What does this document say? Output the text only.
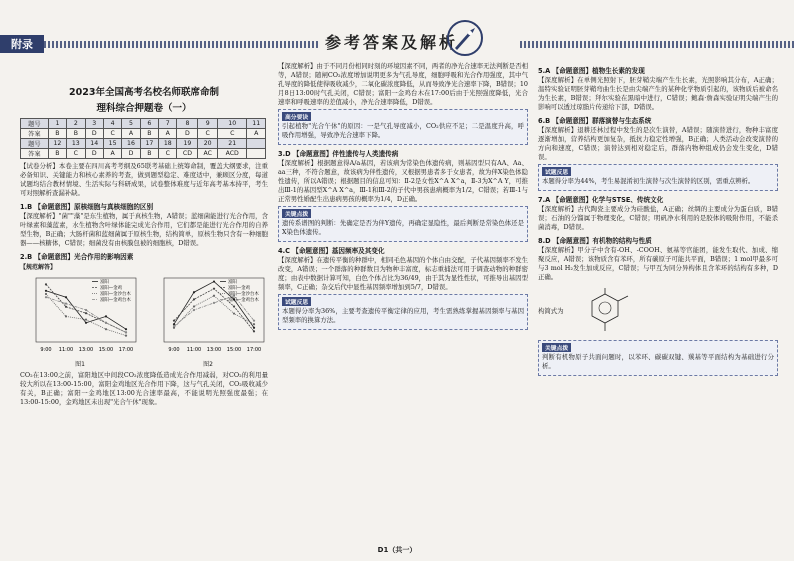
附录	参考答案及解析
2023年全国高考名校名师联席命制
理科综合押题卷（一）
题号	1	2	3	4	5	6	7	8	9	10	11
答案	B	B	D	C	A	B	A	D	C	C	A
题号	12	13	14	15	16	17	18	19	20	21	
答案	B	C	D	A	D	B	C	CD	AC	ACD	

【试卷分析】本卷主要在四川高考考纲及65联考基础上统筹命制，覆盖大纲要求，注重必备知识、关键能力和核心素养的考查，做到题型稳定、难度适中，兼顾区分度，每道试题均结合教材情境、生活实际与科研成果，试卷整体难度与近年高考基本持平，考生可对照解析查漏补缺。

1.B 【命题意图】原核细胞与真核细胞的区别

【深度解析】"菌""藻"是东生植物，属于真核生物，A错误；蓝细菌能进行光合作用，含叶绿素和藻蓝素，水生植物含叶绿体能完成光合作用，它们都是能进行光合作用的自养型生物，B正确；大肠杆菌和蓝细菌属于原核生物，结构简单，原核生物只含有一种细胞器——核糖体，C错误；细菌没有由核膜包被的细胞核，D错误。

2.B 【命题意图】光合作用的影响因素
【规范解答】
9:00 11:00 13:00 15:00 17:00
富阳
富阳—金鸡
富阳—金沙台木
富阳—金鸡台木
图1
9:00 11:00 13:00 15:00 17:00
富阳
富阳—金鸡
富阳—金沙台木
富阳—金鸡台木
图2

CO₂在13:00之前，富阳地区中间段CO₂浓度降低造成光合作用减弱，对CO₂的利用量较大所以在13:00-15:00，富阳金鸡地区光合作用下降，这与气孔关闭，CO₂吸收减少有关，B正确；富阳一金鸡地区13:00光合速率最高，不能说明光照强度最强；在13:00-15:00，金鸡地区未出现"光合午休"现象。

【深度解析】由于不同月份相同时刻的环境因素不同，两者的净光合速率无法判断是否相等，A错误；随闸CO₂浓度增加说明更多为气孔导度，细胞呼吸和光合作用强度，其中气孔导度的降低使得吸收减少，二氧化碳浓度降低，从而导致净光合速率下降，B错误；10月8日13:00时气孔关闭，C错误；富阳一金鸡台木在17:00后由于光照强度降低，光合速率和呼吸速率的差值减小，净光合速率降低，D错误。

高分要诀

引起植物"光合午休"的原因：一是气孔导度减小，CO₂供应不足；二是温度升高，呼吸作用增强，导致净光合速率下降。

3.D 【命题意图】伴性遗传与人类遗传病

【深度解析】根据题意得A/a基因，若该病为常染色体遗传病，则基因型只有AA、Aa、aa三种，不符合题意，故该病为伴性遗传，又根据男患者多于女患者，故为伴X染色体隐性遗传，所以A错误；根据题目的信息可知：Ⅱ-2是女性X^A X^a，Ⅱ-3为X^A Y，可推出Ⅲ-1的基因型X^A X^a，Ⅲ-1和Ⅲ-2的子代中男孩患病概率为1/2，C错误；若Ⅲ-1与正常男性婚配生出患病男孩的概率为1/4，D正确。

关键点拨

遗传系谱图的判断：先确定是否为伴Y遗传，再确定显隐性，最后判断是常染色体还是X染色体遗传。

4.C 【命题意图】基因频率及其变化

【深度解析】在遗传平衡的种群中，相同毛色基因的个体自由交配，子代基因频率不发生改变，A错误；一个群落的种群数目为物种丰富度，标志重捕法可用于调查动物的种群密度；由表中数据计算可知，白色个体占比为36/49，由于其为显性性状，可推导出基因型频率，C正确；杂交后代中显性基因频率增加到5/7，D错误。

试题反思

本题得分率为36%，主要考查遗传平衡定律的应用，考生需熟练掌握基因频率与基因型频率的换算方法。

5.A 【命题意图】植物生长素的发现

【深度解析】在单侧光照射下，胚芽鞘尖端产生生长素，光照影响其分布，A正确；温特实验证明胚芽鞘弯曲生长是由尖端产生的某种化学物质引起的，该物质后被命名为生长素，B错误；拜尔实验在黑暗中进行，C错误；鲍森·詹森实验证明尖端产生的影响可以透过琼脂片传递给下部，D错误。

6.B 【命题意图】群落演替与生态系统

【深度解析】退耕还林过程中发生的是次生演替，A错误；随演替进行，物种丰富度逐渐增加，营养结构更加复杂，抵抗力稳定性增强，B正确；人类活动会改变演替的方向和速度，C错误；演替达到相对稳定后，群落内物种组成仍会发生变化，D错误。

试题反思

本题得分率为44%，考生易混淆初生演替与次生演替的区别，需重点辨析。

7.A 【命题意图】化学与STSE、传统文化

【深度解析】古代陶瓷主要成分为硅酸盐，A正确；丝绸的主要成分为蛋白质，B错误；石油的分馏属于物理变化，C错误；明矾净水利用的是胶体的吸附作用，不能杀菌消毒，D错误。

8.D 【命题意图】有机物的结构与性质

【深度解析】甲分子中含有-OH、-COOH、氨基等官能团，能发生取代、加成、缩聚反应，A错误；该物质含有苯环，所有碳原子可能共平面，B错误；1 mol甲最多可与3 mol H₂发生加成反应，C错误；与甲互为同分异构体且含苯环的结构有多种，D正确。

构简式为
关键点拨

判断有机物原子共面问题时，以苯环、碳碳双键、羰基等平面结构为基础进行分析。

D1（共一）
